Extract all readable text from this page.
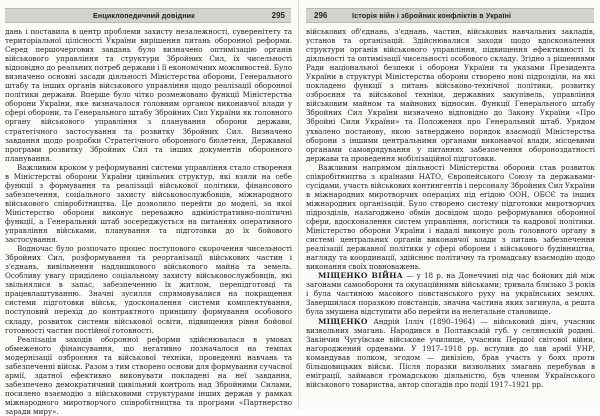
Енциклопедичний довідник	295

дань і поставила в центр проблеми захисту незалежності, суверенітету та територіальної цілісності України вирішення питань оборонної реформи. Серед першочергових завдань було визначено оптимізацію органів військового управління та структури Збройних Сил, їх чисельності відповідно до реальних потреб держави і її економічних можливостей. Було визначено основні засади діяльності Міністерства оборони, Генерального штабу та інших органів військового управління щодо реалізації оборонної політики держави. Вперше було чітко розмежовано функції Міністерства оборони України, яке визначалося головним органом виконавчої влади у сфері оборони, та Генерального штабу Збройних Сил України як головного органу військового управління з планування оборони держави, стратегічного застосування та розвитку Збройних Сил. Визначено завдання щодо розробки Стратегічного оборонного бюлетеня, Державної програми розвитку Збройних Сил та інших документів оборонного планування.

Важливим кроком у реформуванні системи управління стало створення в Міністерстві оборони України цивільних структур, які взяли на себе функції з формування та реалізації військової політики, фінансового забезпечення, соціального захисту військовослужбовців, міжнародного військового співробітництва. Це дозволило перейти до моделі, за якої Міністерство оборони виконує переважно адміністративно-політичні функції, а Генеральний штаб зосереджується на питаннях оперативного управління військами, планування та підготовки до їх бойового застосування.

Водночас було розпочато процес поступового скорочення чисельності Збройних Сил, розформування та реорганізації військових частин і з'єднань, вивільнення надлишкового військового майна та земель. Особливу увагу приділено соціальному захисту військовослужбовців, які звільнялися в запас, забезпеченню їх житлом, перепідготовці та працевлаштуванню. Значні зусилля спрямовувалися на покращення системи підготовки військ, удосконалення системи комплектування, поступовий перехід до контрактного принципу формування особового складу, розвиток системи військової освіти, підвищення рівня бойової готовності частин постійної готовності.

Реалізація заходів оборонної реформи здійснювалася в умовах обмеженого фінансування, що негативно позначалося на темпах модернізації озброєння та військової техніки, проведенні навчань та забезпеченні військ. Разом з тим створено основи для формування сучасної армії, здатної ефективно виконувати покладені на неї завдання, забезпечено демократичний цивільний контроль над Збройними Силами, посилено взаємодію з військовими структурами інших держав у рамках міжнародного миротворчого співробітництва та програми «Партнерство заради миру».

296	Історія війн і збройних конфліктів в Україні

військових об'єднань, з'єднань, частин, військових навчальних закладів, установ та організацій. Здійснювалися заходи щодо вдосконалення структури органів військового управління, підвищення ефективності їх діяльності та оптимізації чисельності особового складу. Згідно з рішеннями Ради національної безпеки і оборони України та указами Президента України в структурі Міністерства оборони створено нові підрозділи, на які покладено функції з питань військово-технічної політики, розвитку озброєння та військової техніки, державних закупівель, управління військовим майном та майнових відносин. Функції Генерального штабу Збройних Сил України визначено відповідно до Закону України «Про Збройні Сили України» та Положення про Генеральний штаб. Урядом ухвалено постанову, якою затверджено порядок взаємодії Міністерства оборони з іншими центральними органами виконавчої влади, місцевими органами самоврядування у питаннях забезпечення обороноздатності держави та проведення мобілізаційної підготовки.

Важливим напрямом діяльності Міністерства оборони став розвиток співробітництва з країнами НАТО, Європейського Союзу та державами-сусідами, участь військових контингентів і персоналу Збройних Сил України в міжнародних миротворчих операціях під егідою ООН, ОБСЄ та інших міжнародних організацій. Було створено систему підготовки миротворчих підрозділів, налагоджено обмін досвідом щодо реформування оборонної сфери, вдосконалення систем управління, логістики та кадрової політики. Міністерство оборони України і надалі виконує роль головного органу в системі центральних органів виконавчої влади з питань забезпечення реалізації державної політики у сфері оборони і військового будівництва, нагляду та координації, здійснює політичну та громадську взаємодію щодо виконання своїх повноважень.

МІЩЕНКО ВІЙНА — у 18 р. на Донеччині під час бойових дій між загонами самооборони та окупаційними військами; тривала близько 3 років і була частиною масового повстанського руху на українських землях. Завершилася поразкою повстанців, значна частина яких загинула, а решта була змушена відступити або перейти на нелегальне становище.

МІЩЕНКО Андрій Ілліч (1890–1964) — військовий діяч, учасник визвольних змагань. Народився в Полтавській губ. у селянській родині. Закінчив Чугуївське військове училище, учасник Першої світової війни, нагороджений орденами. У 1917–1918 рр. вступив до лав армії УНР, командував полком, згодом — дивізією, брав участь у боях проти більшовицьких військ. Після поразки визвольних змагань перебував в еміграції, займався громадською діяльністю, був членом Українського військового товариства, автор спогадів про події 1917–1921 рр.
